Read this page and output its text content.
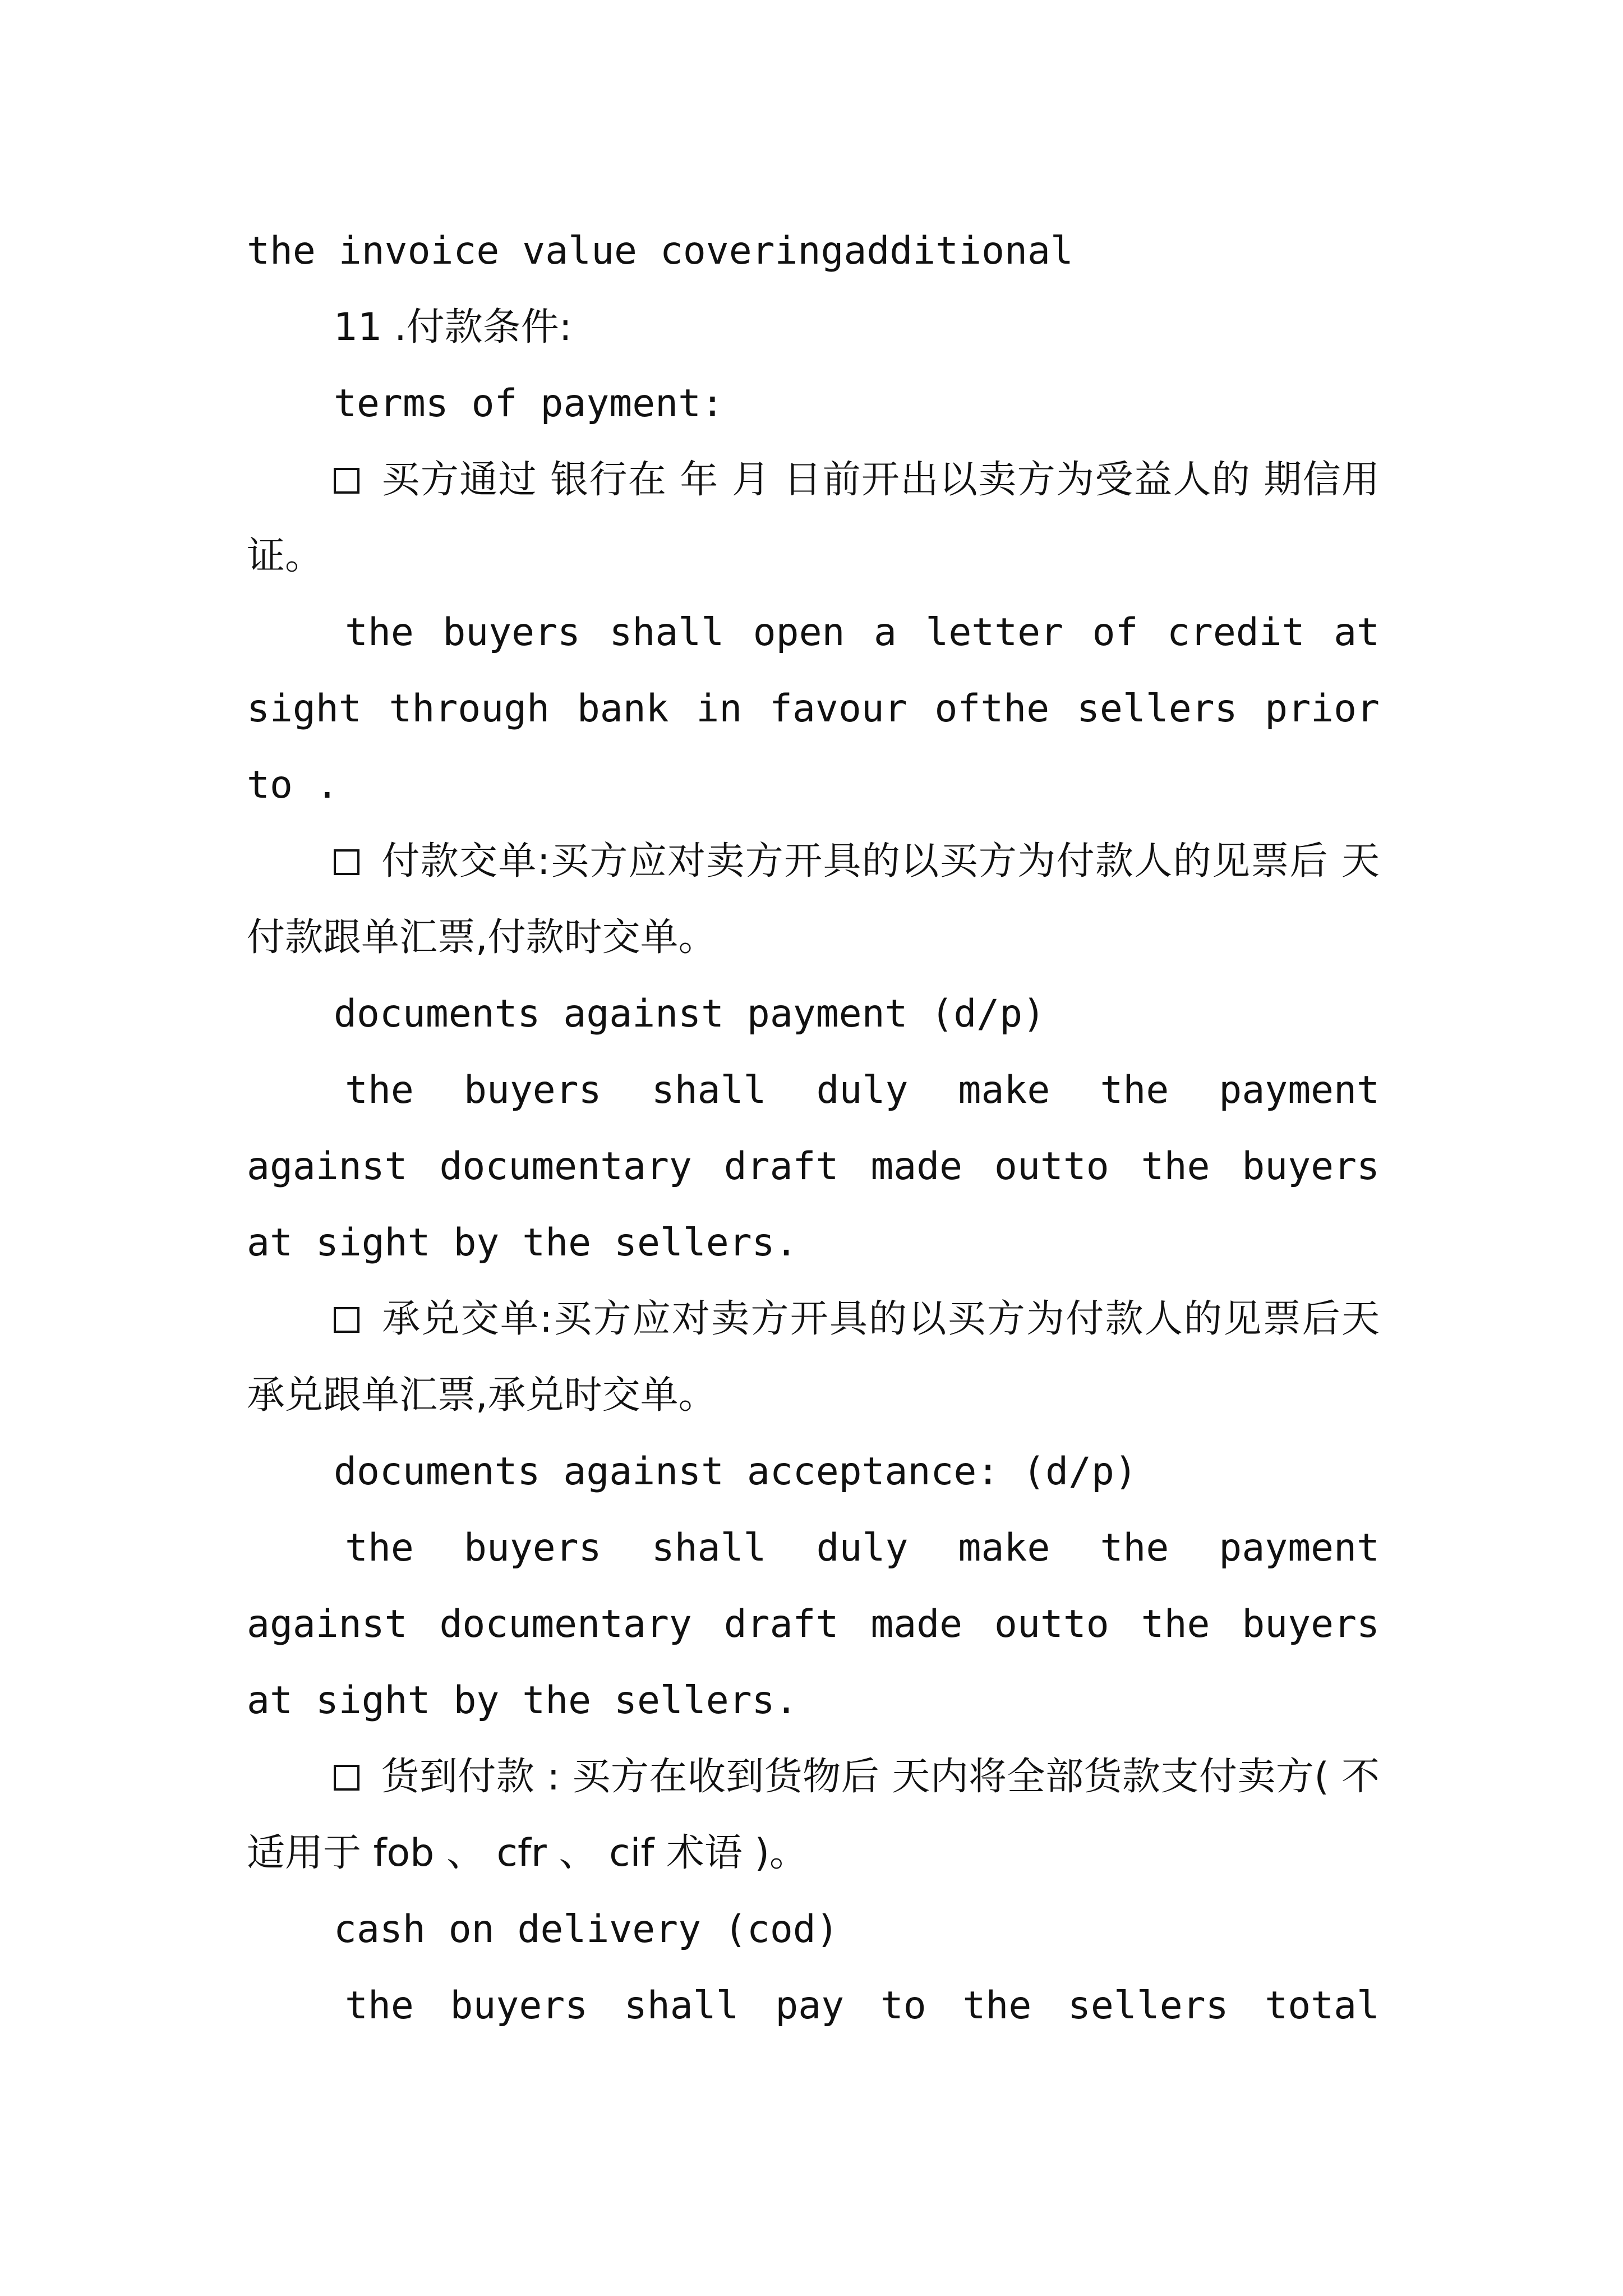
the invoice value coveringadditional

11 .付款条件:

terms of payment:

买方通过 银行在 年 月 日前开出以卖方为受益人的 期信用证。

the buyers shall open a letter of credit at sight through bank in favour ofthe sellers prior to .

付款交单:买方应对卖方开具的以买方为付款人的见票后 天付款跟单汇票,付款时交单。

documents against payment (d/p)

the buyers shall duly make the payment against documentary draft made outto the buyers at sight by the sellers.

承兑交单:买方应对卖方开具的以买方为付款人的见票后天承兑跟单汇票,承兑时交单。

documents against acceptance: (d/p)

the buyers shall duly make the payment against documentary draft made outto the buyers at sight by the sellers.

货到付款 : 买方在收到货物后 天内将全部货款支付卖方( 不适用于 fob 、 cfr 、 cif 术语 )。

cash on delivery (cod)

the buyers shall pay to the sellers total
